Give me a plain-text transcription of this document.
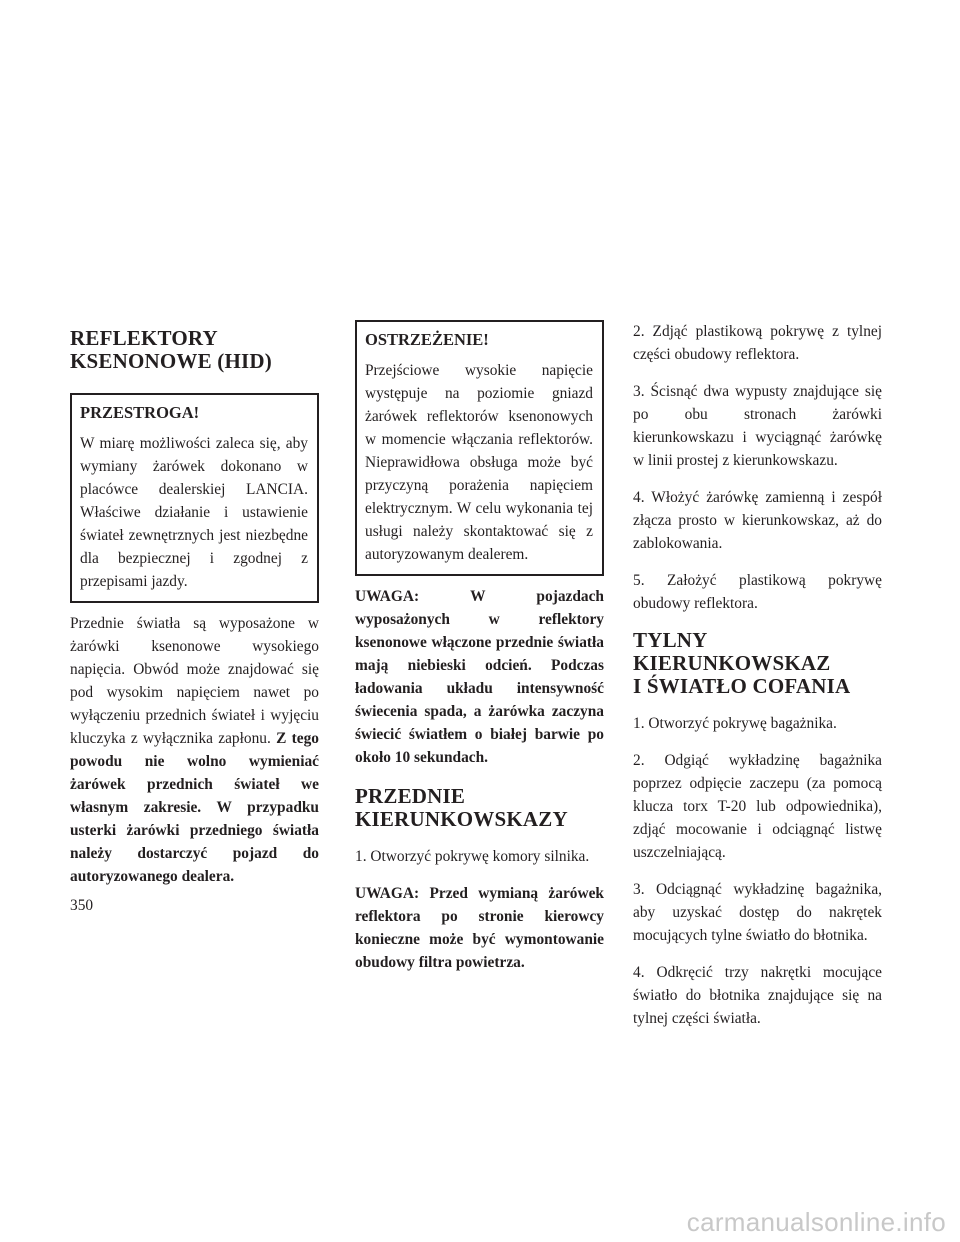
REFLEKTORY
KSENONOWE (HID)
PRZESTROGA!

W miarę możliwości zaleca się, aby wymiany żarówek dokonano w placówce dealerskiej LANCIA. Właściwe działanie i ustawienie świateł zewnętrznych jest niezbędne dla bezpiecznej i zgodnej z przepisami jazdy.

Przednie światła są wyposażone w żarówki ksenonowe wysokiego napięcia. Obwód może znajdować się pod wysokim napięciem nawet po wyłączeniu przednich świateł i wyjęciu kluczyka z wyłącznika zapłonu. Z tego powodu nie wolno wymieniać żarówek przednich świateł we własnym zakresie. W przypadku usterki żarówki przedniego światła należy dostarczyć pojazd do autoryzowanego dealera.

OSTRZEŻENIE!

Przejściowe wysokie napięcie występuje na poziomie gniazd żarówek reflektorów ksenonowych w momencie włączania reflektorów. Nieprawidłowa obsługa może być przyczyną porażenia napięciem elektrycznym. W celu wykonania tej usługi należy skontaktować się z autoryzowanym dealerem.

UWAGA: W pojazdach wyposażonych w reflektory ksenonowe włączone przednie światła mają niebieski odcień. Podczas ładowania układu intensywność świecenia spada, a żarówka zaczyna świecić światłem o białej barwie po około 10 sekundach.

PRZEDNIE
KIERUNKOWSKAZY

1. Otworzyć pokrywę komory silnika.

UWAGA: Przed wymianą żarówek reflektora po stronie kierowcy konieczne może być wymontowanie obudowy filtra powietrza.

2. Zdjąć plastikową pokrywę z tylnej części obudowy reflektora.

3. Ścisnąć dwa wypusty znajdujące się po obu stronach żarówki kierunkowskazu i wyciągnąć żarówkę w linii prostej z kierunkowskazu.

4. Włożyć żarówkę zamienną i zespół złącza prosto w kierunkowskaz, aż do zablokowania.

5. Założyć plastikową pokrywę obudowy reflektora.

TYLNY KIERUNKOWSKAZ
I ŚWIATŁO COFANIA

1. Otworzyć pokrywę bagażnika.

2. Odgiąć wykładzinę bagażnika poprzez odpięcie zaczepu (za pomocą klucza torx T-20 lub odpowiednika), zdjąć mocowanie i odciągnąć listwę uszczelniającą.

3. Odciągnąć wykładzinę bagażnika, aby uzyskać dostęp do nakrętek mocujących tylne światło do błotnika.

4. Odkręcić trzy nakrętki mocujące światło do błotnika znajdujące się na tylnej części światła.

350
carmanualsonline.info
